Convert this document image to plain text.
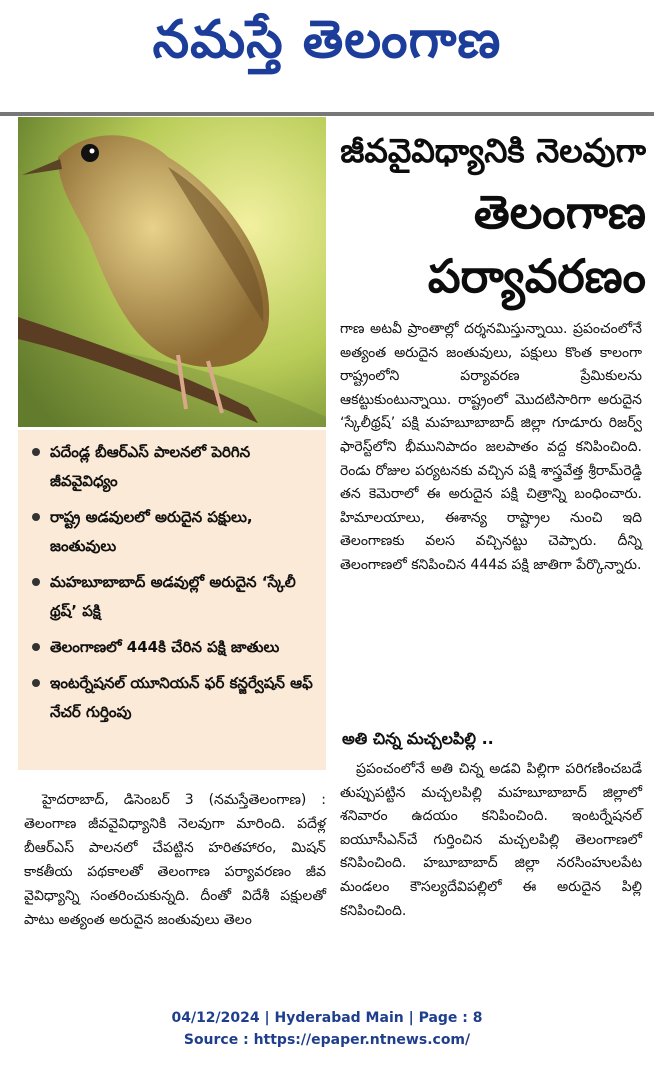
నమస్తే తెలంగాణ
జీవవైవిధ్యానికి నెలవుగా
తెలంగాణ
పర్యావరణం

గాణ అటవీ ప్రాంతాల్లో దర్శనమిస్తున్నాయి. ప్రపంచంలోనే అత్యంత అరుదైన జంతువులు, పక్షులు కొంత కాలంగా రాష్ట్రంలోని పర్యావరణ ప్రేమికులను ఆకట్టుకుంటున్నాయి. రాష్ట్రంలో మొదటిసారిగా అరుదైన ‘స్కేలీథ్రష్‌’ పక్షి మహబూబాబాద్‌ జిల్లా గూడూరు రిజర్వ్‌ ఫారెస్ట్‌లోని భీమునిపాదం జలపాతం వద్ద కనిపించింది. రెండు రోజుల పర్యటనకు వచ్చిన పక్షి శాస్త్రవేత్త శ్రీరామ్‌రెడ్డి తన కెమెరాలో ఈ అరుదైన పక్షి చిత్రాన్ని బంధించారు. హిమాలయాలు, ఈశాన్య రాష్ట్రాల నుంచి ఇది తెలంగాణకు వలస వచ్చినట్టు చెప్పారు. దీన్ని తెలంగాణలో కనిపించిన 444వ పక్షి జాతిగా పేర్కొన్నారు.

పదేండ్ల బీఆర్‌ఎస్‌ పాలనలో పెరిగిన జీవవైవిధ్యం
రాష్ట్ర అడవులలో అరుదైన పక్షులు, జంతువులు
మహబూబాబాద్‌ అడవుల్లో అరుదైన ‘స్కేలీ థ్రష్‌’ పక్షి
తెలంగాణలో 444కి చేరిన పక్షి జాతులు
ఇంటర్నేషనల్‌ యూనియన్‌ ఫర్‌ కన్జర్వేషన్‌ ఆఫ్‌ నేచర్‌ గుర్తింపు

హైదరాబాద్‌, డిసెంబర్‌ 3 (నమస్తేతెలంగాణ) : తెలంగాణ జీవవైవిధ్యానికి నెలవుగా మారింది. పదేళ్ల బీఆర్‌ఎస్‌ పాలనలో చేపట్టిన హరితహారం, మిషన్‌ కాకతీయ పథకాలతో తెలంగాణ పర్యావరణం జీవ వైవిధ్యాన్ని సంతరించుకున్నది. దీంతో విదేశీ పక్షులతో పాటు అత్యంత అరుదైన జంతువులు తెలం

అతి చిన్న మచ్చలపిల్లి ..

ప్రపంచంలోనే అతి చిన్న అడవి పిల్లిగా పరిగణించబడే తుప్పుపట్టిన మచ్చలపిల్లి మహబూబాబాద్‌ జిల్లాలో శనివారం ఉదయం కనిపించింది. ఇంటర్నేషనల్‌ ఐయూసీఎన్‌చే గుర్తించిన మచ్చలపిల్లి తెలంగాణలో కనిపించింది. హబూబాబాద్‌ జిల్లా నరసింహులపేట మండలం కౌసల్యదేవిపల్లిలో ఈ అరుదైన పిల్లి కనిపించింది.

04/12/2024 | Hyderabad Main | Page : 8
Source : https://epaper.ntnews.com/
